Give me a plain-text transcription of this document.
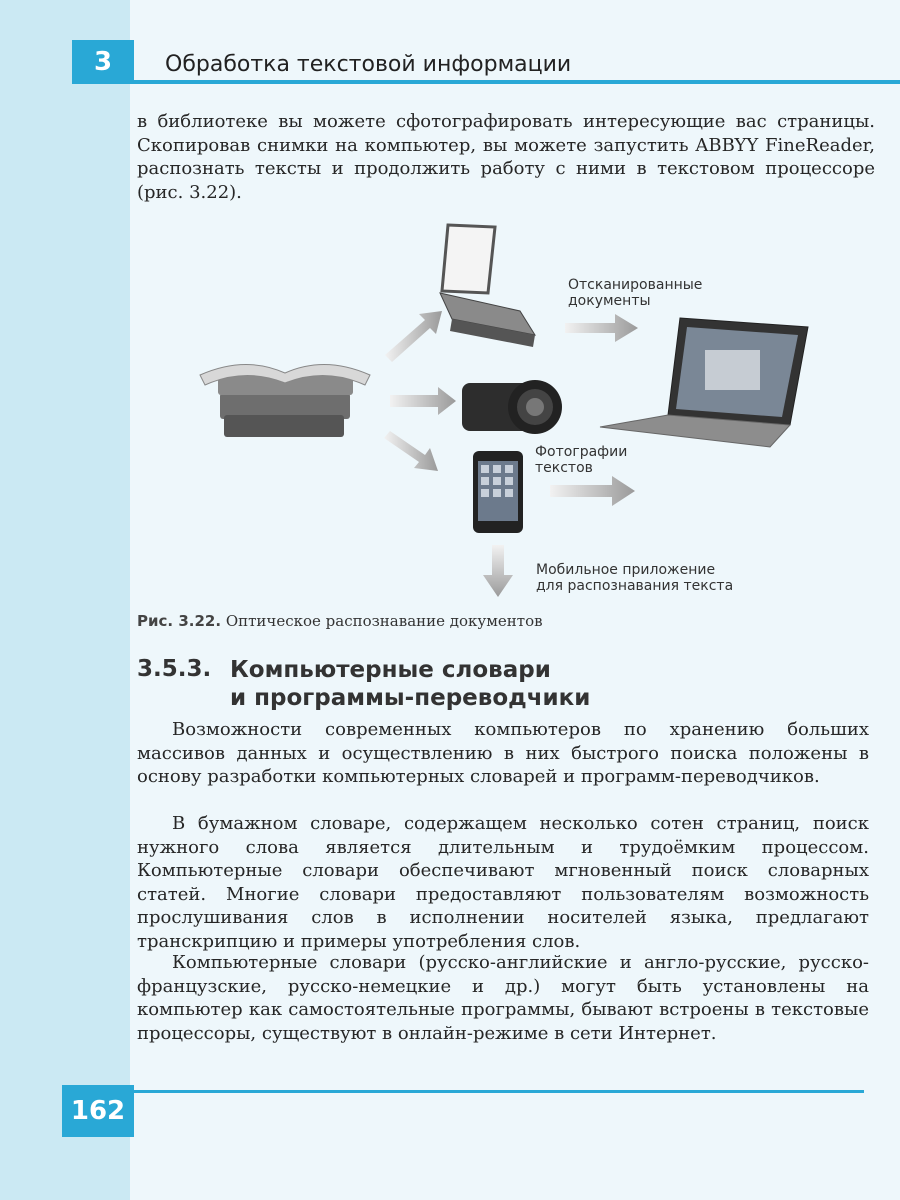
3	Обработка текстовой информации
в библиотеке вы можете сфотографировать интересующие вас страницы. Скопировав снимки на компьютер, вы можете запустить ABBYY FineReader, распознать тексты и продолжить работу с ними в текстовом процессоре (рис. 3.22).
Отсканированные
документы
Фотографии
текстов
Мобильное приложение
для распознавания текста
Рис. 3.22. Оптическое распознавание документов
3.5.3. Компьютерные словари
и программы-переводчики
Возможности современных компьютеров по хранению больших массивов данных и осуществлению в них быстрого поиска положены в основу разработки компьютерных словарей и программ-переводчиков.
В бумажном словаре, содержащем несколько сотен страниц, поиск нужного слова является длительным и трудоёмким процессом. Компьютерные словари обеспечивают мгновенный поиск словарных статей. Многие словари предоставляют пользователям возможность прослушивания слов в исполнении носителей языка, предлагают транскрипцию и примеры употребления слов.
Компьютерные словари (русско-английские и англо-русские, русско-французские, русско-немецкие и др.) могут быть установлены на компьютер как самостоятельные программы, бывают встроены в текстовые процессоры, существуют в онлайн-режиме в сети Интернет.
162
